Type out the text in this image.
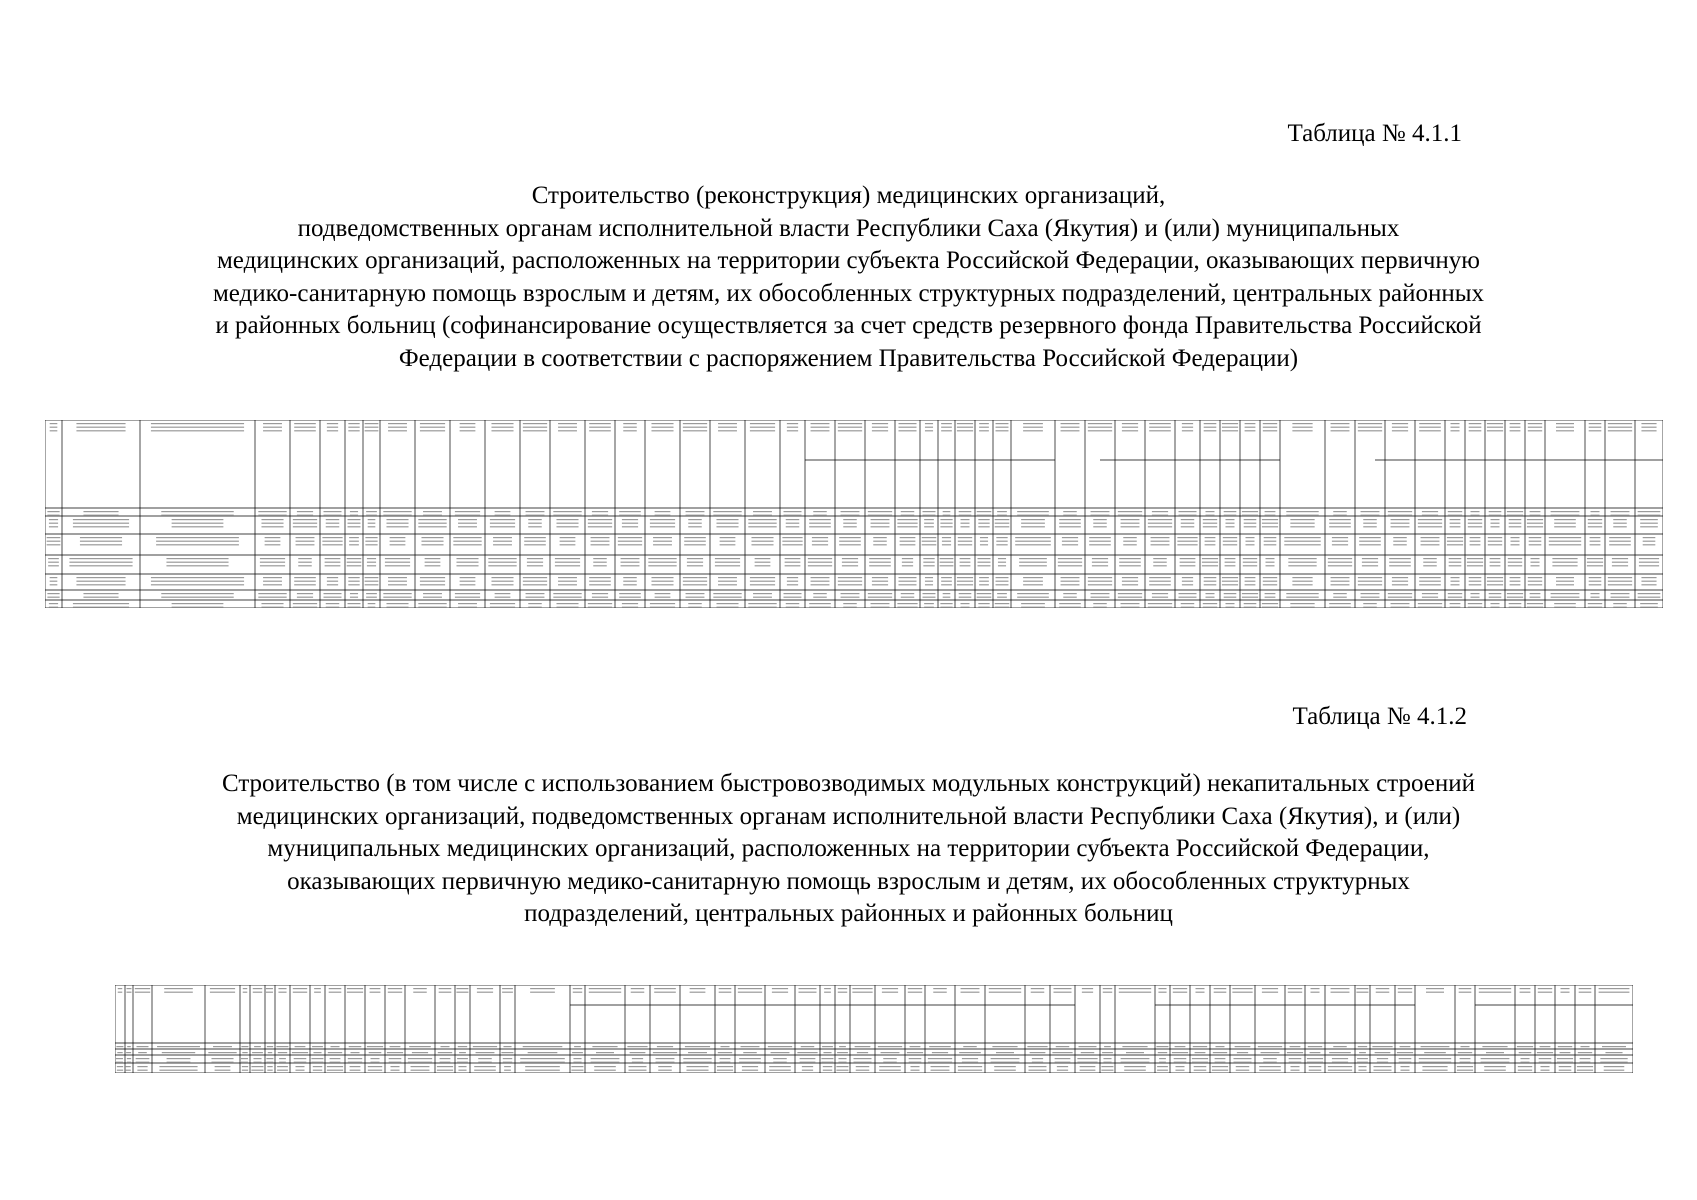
Таблица № 4.1.1
Строительство (реконструкция) медицинских организаций,
подведомственных органам исполнительной власти Республики Саха (Якутия) и (или) муниципальных
медицинских организаций, расположенных на территории субъекта Российской Федерации, оказывающих первичную
медико-санитарную помощь взрослым и детям, их обособленных структурных подразделений, центральных районных
и районных больниц (софинансирование осуществляется за счет средств резервного фонда Правительства Российской
Федерации в соответствии с распоряжением Правительства Российской Федерации)

Таблица № 4.1.2
Строительство (в том числе с использованием быстровозводимых модульных конструкций) некапитальных строений
медицинских организаций, подведомственных органам исполнительной власти Республики Саха (Якутия), и (или)
муниципальных медицинских организаций, расположенных на территории субъекта Российской Федерации,
оказывающих первичную медико-санитарную помощь взрослым и детям, их обособленных структурных
подразделений, центральных районных и районных больниц
